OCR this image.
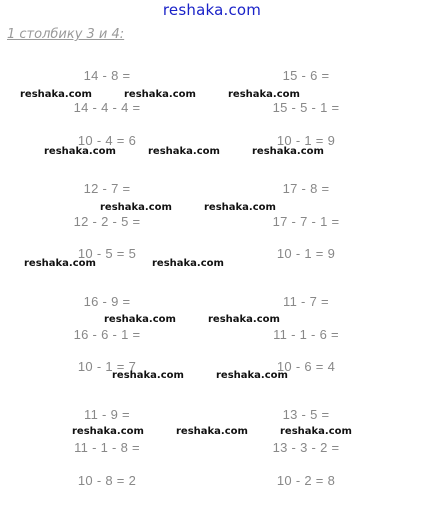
reshaka.com
1 столбику 3 и 4:
14 - 8 =
14 - 4 - 4 =
10 - 4 = 6
15 - 6 =
15 - 5 - 1 =
10 - 1 = 9
12 - 7 =
12 - 2 - 5 =
10 - 5 = 5
17 - 8 =
17 - 7 - 1 =
10 - 1 = 9
16 - 9 =
16 - 6 - 1 =
10 - 1 = 7
11 - 7 =
11 - 1 - 6 =
10 - 6 = 4
11 - 9 =
11 - 1 - 8 =
10 - 8 = 2
13 - 5 =
13 - 3 - 2 =
10 - 2 = 8
reshaka.com	reshaka.com	reshaka.com
reshaka.com	reshaka.com	reshaka.com
reshaka.com	reshaka.com
reshaka.com	reshaka.com
reshaka.com	reshaka.com
reshaka.com	reshaka.com
reshaka.com	reshaka.com	reshaka.com
